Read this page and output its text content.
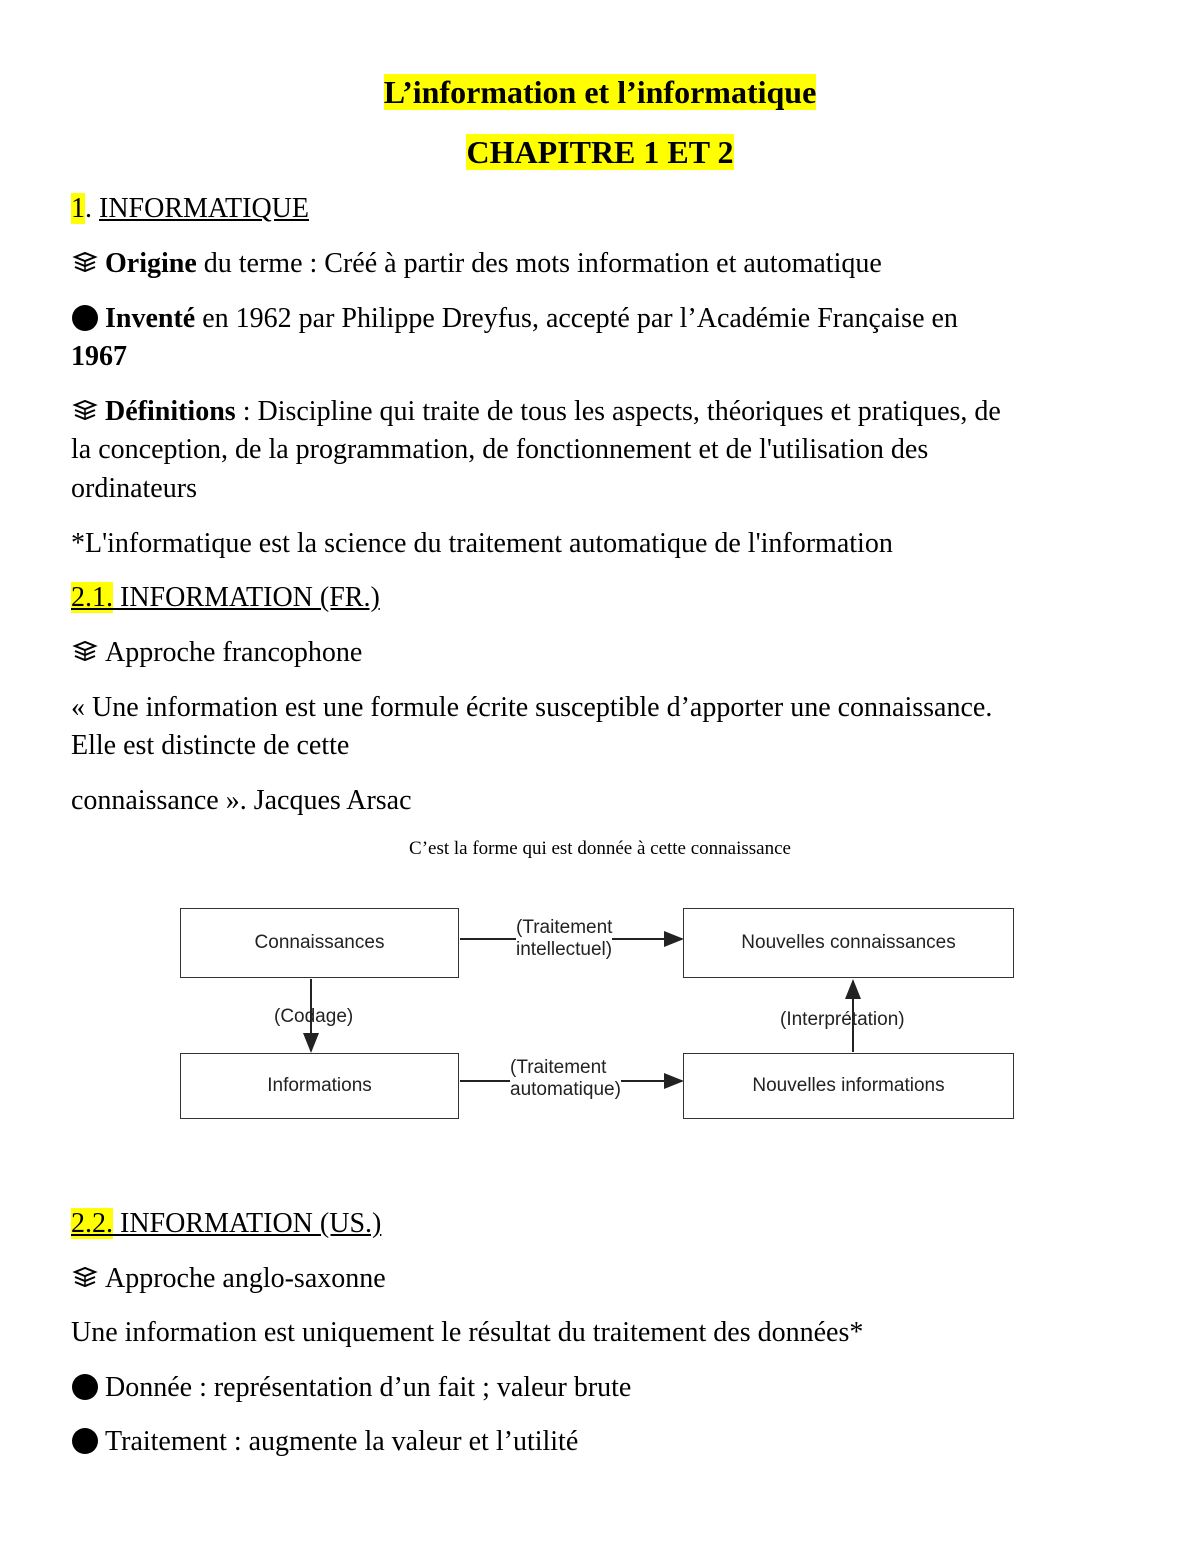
L’information et l’informatique
CHAPITRE 1 ET 2
1. INFORMATIQUE
Origine du terme : Créé à partir des mots information et automatique
Inventé en 1962 par Philippe Dreyfus, accepté par l’Académie Française en
1967
Définitions : Discipline qui traite de tous les aspects, théoriques et pratiques, de
la conception, de la programmation, de fonctionnement et de l'utilisation des
ordinateurs
*L'informatique est la science du traitement automatique de l'information
2.1. INFORMATION (FR.)
Approche francophone
« Une information est une formule écrite susceptible d’apporter une connaissance.
Elle est distincte de cette
connaissance ». Jacques Arsac
C’est la forme qui est donnée à cette connaissance
Connaissances	Nouvelles connaissances
Informations	Nouvelles informations
(Traitement
intellectuel)
(Traitement
automatique)
(Codage)	(Interprétation)
2.2. INFORMATION (US.)
Approche anglo-saxonne
Une information est uniquement le résultat du traitement des données*
Donnée : représentation d’un fait ; valeur brute
Traitement : augmente la valeur et l’utilité
